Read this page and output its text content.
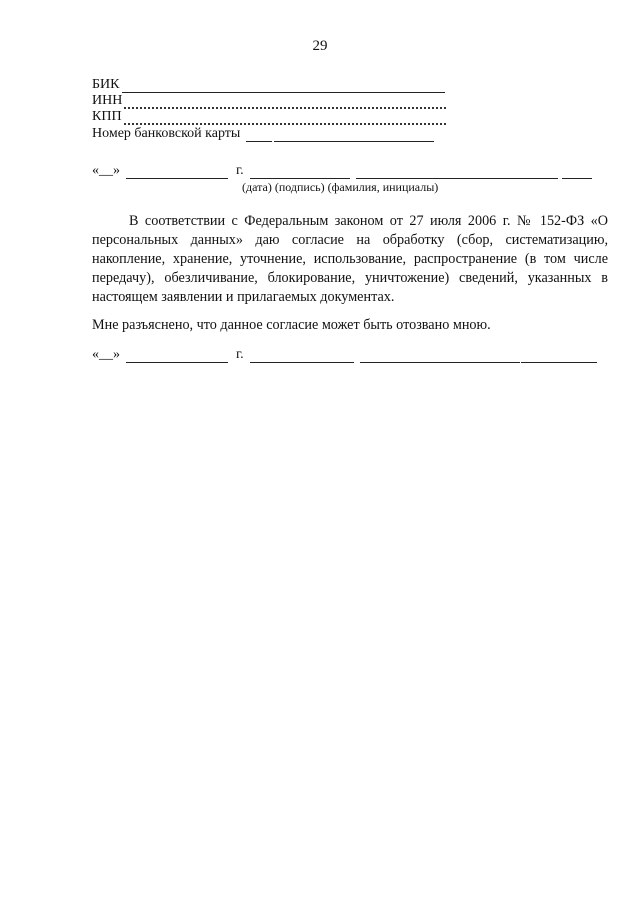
29
БИК
ИНН
КПП
Номер банковской карты
«__»	г.
(дата) (подпись) (фамилия, инициалы)
В соответствии с Федеральным законом от 27 июля 2006 г. № 152-ФЗ «О персональных данных» даю согласие на обработку (сбор, систематизацию, накопление, хранение, уточнение, использование, распространение (в том числе передачу), обезличивание, блокирование, уничтожение) сведений, указанных в настоящем заявлении и прилагаемых документах.
Мне разъяснено, что данное согласие может быть отозвано мною.
«__»	г.
